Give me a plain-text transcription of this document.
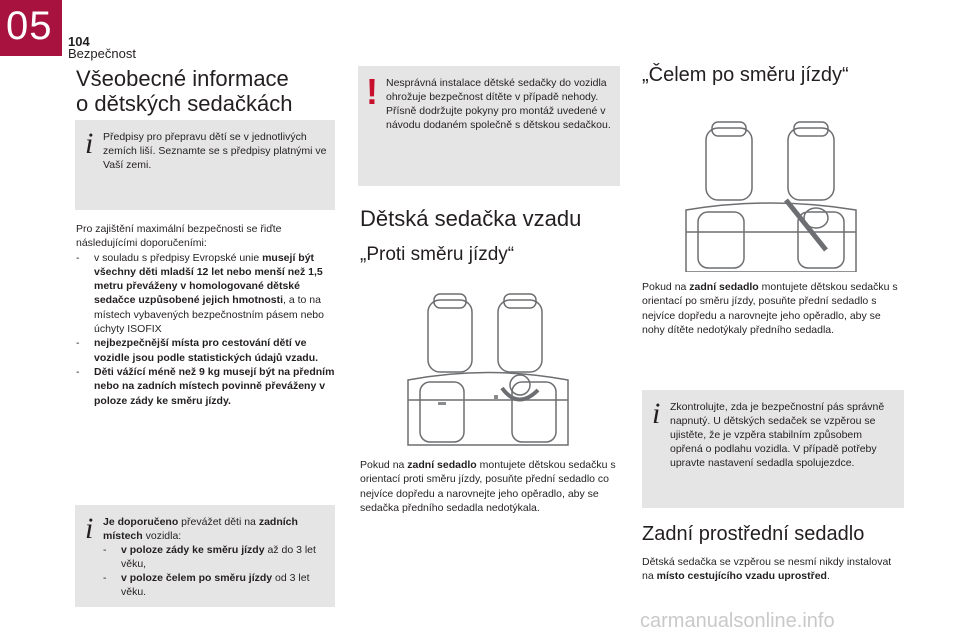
05 104
Bezpečnost
Všeobecné informace
o dětských sedačkách
i Předpisy pro přepravu dětí se v jednotlivých zemích liší. Seznamte se s předpisy platnými ve Vaší zemi.
Pro zajištění maximální bezpečnosti se řiďte
následujícími doporučeními:
-	v souladu s předpisy Evropské unie musejí být všechny děti mladší 12 let nebo menší než 1,5 metru převáženy v homologované dětské sedačce uzpůsobené jejich hmotnosti, a to na místech vybavených bezpečnostním pásem nebo úchyty ISOFIX
-	nejbezpečnější místa pro cestování dětí ve vozidle jsou podle statistických údajů vzadu.
-	Děti vážící méně než 9 kg musejí být na předním nebo na zadních místech povinně převáženy v poloze zády ke směru jízdy.
i Je doporučeno převážet děti na zadních místech vozidla:
-	v poloze zády ke směru jízdy až do 3 let věku,
-	v poloze čelem po směru jízdy od 3 let věku.
! Nesprávná instalace dětské sedačky do vozidla ohrožuje bezpečnost dítěte v případě nehody. Přísně dodržujte pokyny pro montáž uvedené v návodu dodaném společně s dětskou sedačkou.
Dětská sedačka vzadu
„Proti směru jízdy“
Pokud na zadní sedadlo montujete dětskou sedačku s orientací proti směru jízdy, posuňte přední sedadlo co nejvíce dopředu a narovnejte jeho opěradlo, aby se sedačka předního sedadla nedotýkala.
„Čelem po směru jízdy“
Pokud na zadní sedadlo montujete dětskou sedačku s orientací po směru jízdy, posuňte přední sedadlo s nejvíce dopředu a narovnejte jeho opěradlo, aby se nohy dítěte nedotýkaly předního sedadla.
i Zkontrolujte, zda je bezpečnostní pás správně napnutý. U dětských sedaček se vzpěrou se ujistěte, že je vzpěra stabilním způsobem opřená o podlahu vozidla. V případě potřeby upravte nastavení sedadla spolujezdce.
Zadní prostřední sedadlo
Dětská sedačka se vzpěrou se nesmí nikdy instalovat na místo cestujícího vzadu uprostřed.
carmanualsonline.info
